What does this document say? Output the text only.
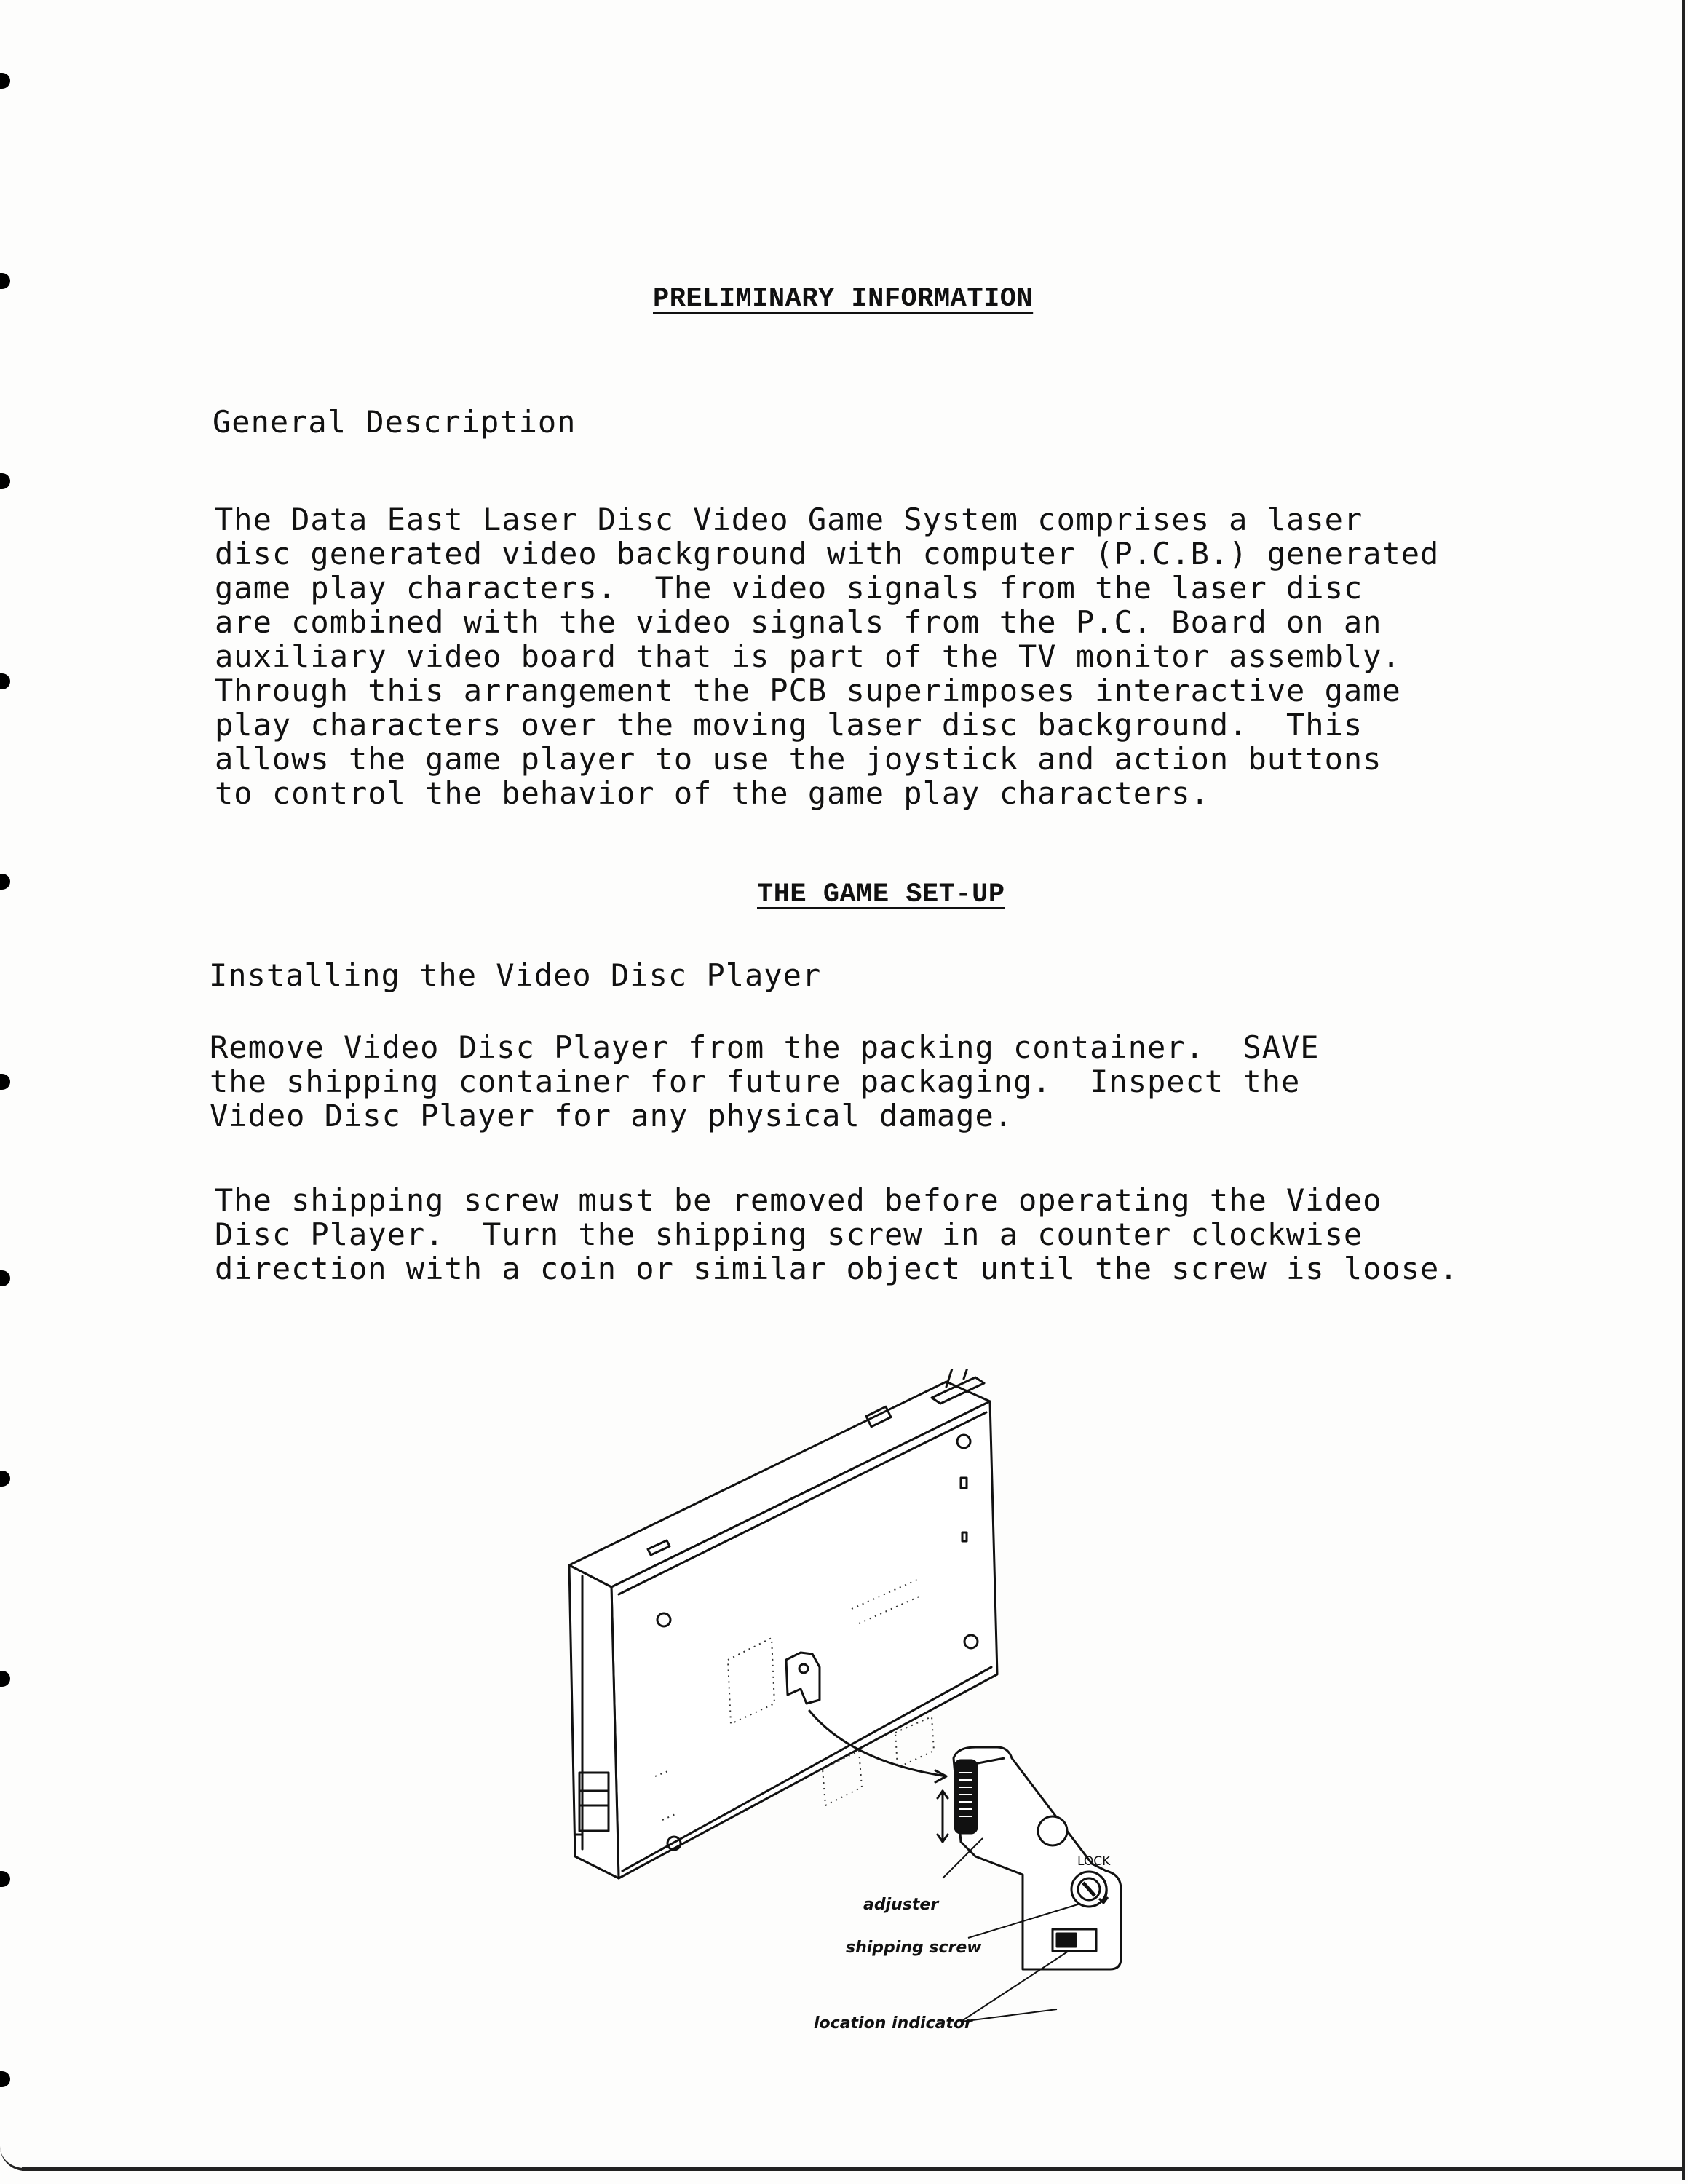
PRELIMINARY INFORMATION
General Description
The Data East Laser Disc Video Game System comprises a laser
disc generated video background with computer (P.C.B.) generated
game play characters.  The video signals from the laser disc
are combined with the video signals from the P.C. Board on an
auxiliary video board that is part of the TV monitor assembly.
Through this arrangement the PCB superimposes interactive game
play characters over the moving laser disc background.  This
allows the game player to use the joystick and action buttons
to control the behavior of the game play characters.
THE GAME SET-UP
Installing the Video Disc Player
Remove Video Disc Player from the packing container.  SAVE
the shipping container for future packaging.  Inspect the
Video Disc Player for any physical damage.
The shipping screw must be removed before operating the Video
Disc Player.  Turn the shipping screw in a counter clockwise
direction with a coin or similar object until the screw is loose.
LOCK
adjuster
shipping screw
location indicator
